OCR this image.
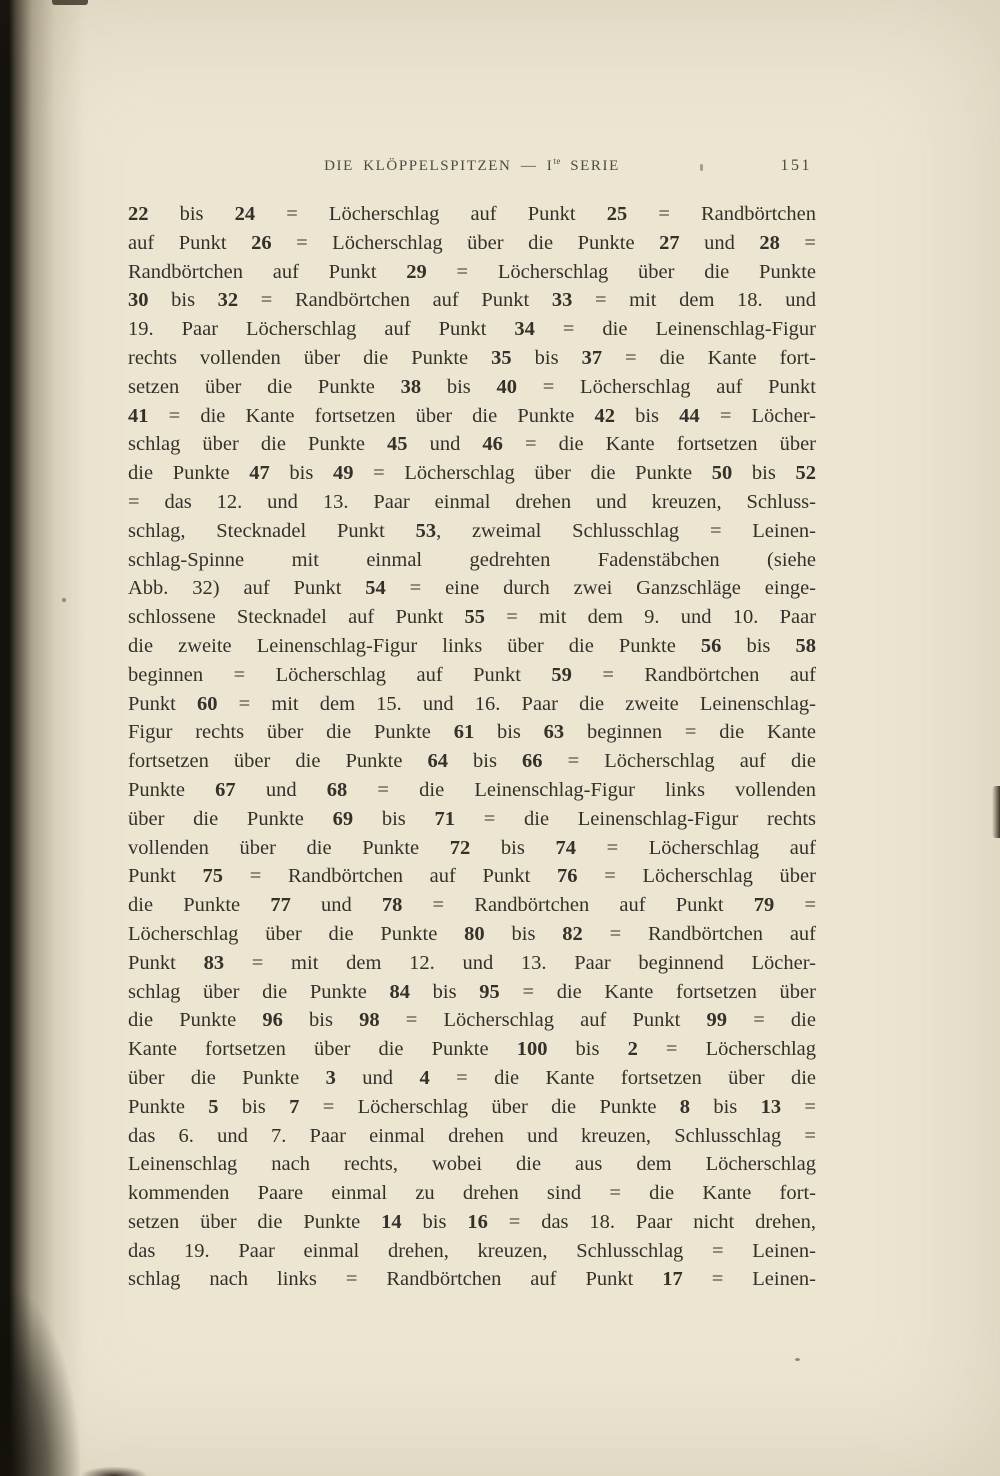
DIE KLÖPPELSPITZEN — $I^{te}$ SERIE	151
22 bis 24 = Löcherschlag auf Punkt 25 = Randbörtchen
auf Punkt 26 = Löcherschlag über die Punkte 27 und 28 =
Randbörtchen auf Punkt 29 = Löcherschlag über die Punkte
30 bis 32 = Randbörtchen auf Punkt 33 = mit dem 18. und
19. Paar Löcherschlag auf Punkt 34 = die Leinenschlag-Figur
rechts vollenden über die Punkte 35 bis 37 = die Kante fort-
setzen über die Punkte 38 bis 40 = Löcherschlag auf Punkt
41 = die Kante fortsetzen über die Punkte 42 bis 44 = Löcher-
schlag über die Punkte 45 und 46 = die Kante fortsetzen über
die Punkte 47 bis 49 = Löcherschlag über die Punkte 50 bis 52
= das 12. und 13. Paar einmal drehen und kreuzen, Schluss-
schlag, Stecknadel Punkt 53, zweimal Schlusschlag = Leinen-
schlag-Spinne mit einmal gedrehten Fadenstäbchen (siehe
Abb. 32) auf Punkt 54 = eine durch zwei Ganzschläge einge-
schlossene Stecknadel auf Punkt 55 = mit dem 9. und 10. Paar
die zweite Leinenschlag-Figur links über die Punkte 56 bis 58
beginnen = Löcherschlag auf Punkt 59 = Randbörtchen auf
Punkt 60 = mit dem 15. und 16. Paar die zweite Leinenschlag-
Figur rechts über die Punkte 61 bis 63 beginnen = die Kante
fortsetzen über die Punkte 64 bis 66 = Löcherschlag auf die
Punkte 67 und 68 = die Leinenschlag-Figur links vollenden
über die Punkte 69 bis 71 = die Leinenschlag-Figur rechts
vollenden über die Punkte 72 bis 74 = Löcherschlag auf
Punkt 75 = Randbörtchen auf Punkt 76 = Löcherschlag über
die Punkte 77 und 78 = Randbörtchen auf Punkt 79 =
Löcherschlag über die Punkte 80 bis 82 = Randbörtchen auf
Punkt 83 = mit dem 12. und 13. Paar beginnend Löcher-
schlag über die Punkte 84 bis 95 = die Kante fortsetzen über
die Punkte 96 bis 98 = Löcherschlag auf Punkt 99 = die
Kante fortsetzen über die Punkte 100 bis 2 = Löcherschlag
über die Punkte 3 und 4 = die Kante fortsetzen über die
Punkte 5 bis 7 = Löcherschlag über die Punkte 8 bis 13 =
das 6. und 7. Paar einmal drehen und kreuzen, Schlusschlag =
Leinenschlag nach rechts, wobei die aus dem Löcherschlag
kommenden Paare einmal zu drehen sind = die Kante fort-
setzen über die Punkte 14 bis 16 = das 18. Paar nicht drehen,
das 19. Paar einmal drehen, kreuzen, Schlusschlag = Leinen-
schlag nach links = Randbörtchen auf Punkt 17 = Leinen-
